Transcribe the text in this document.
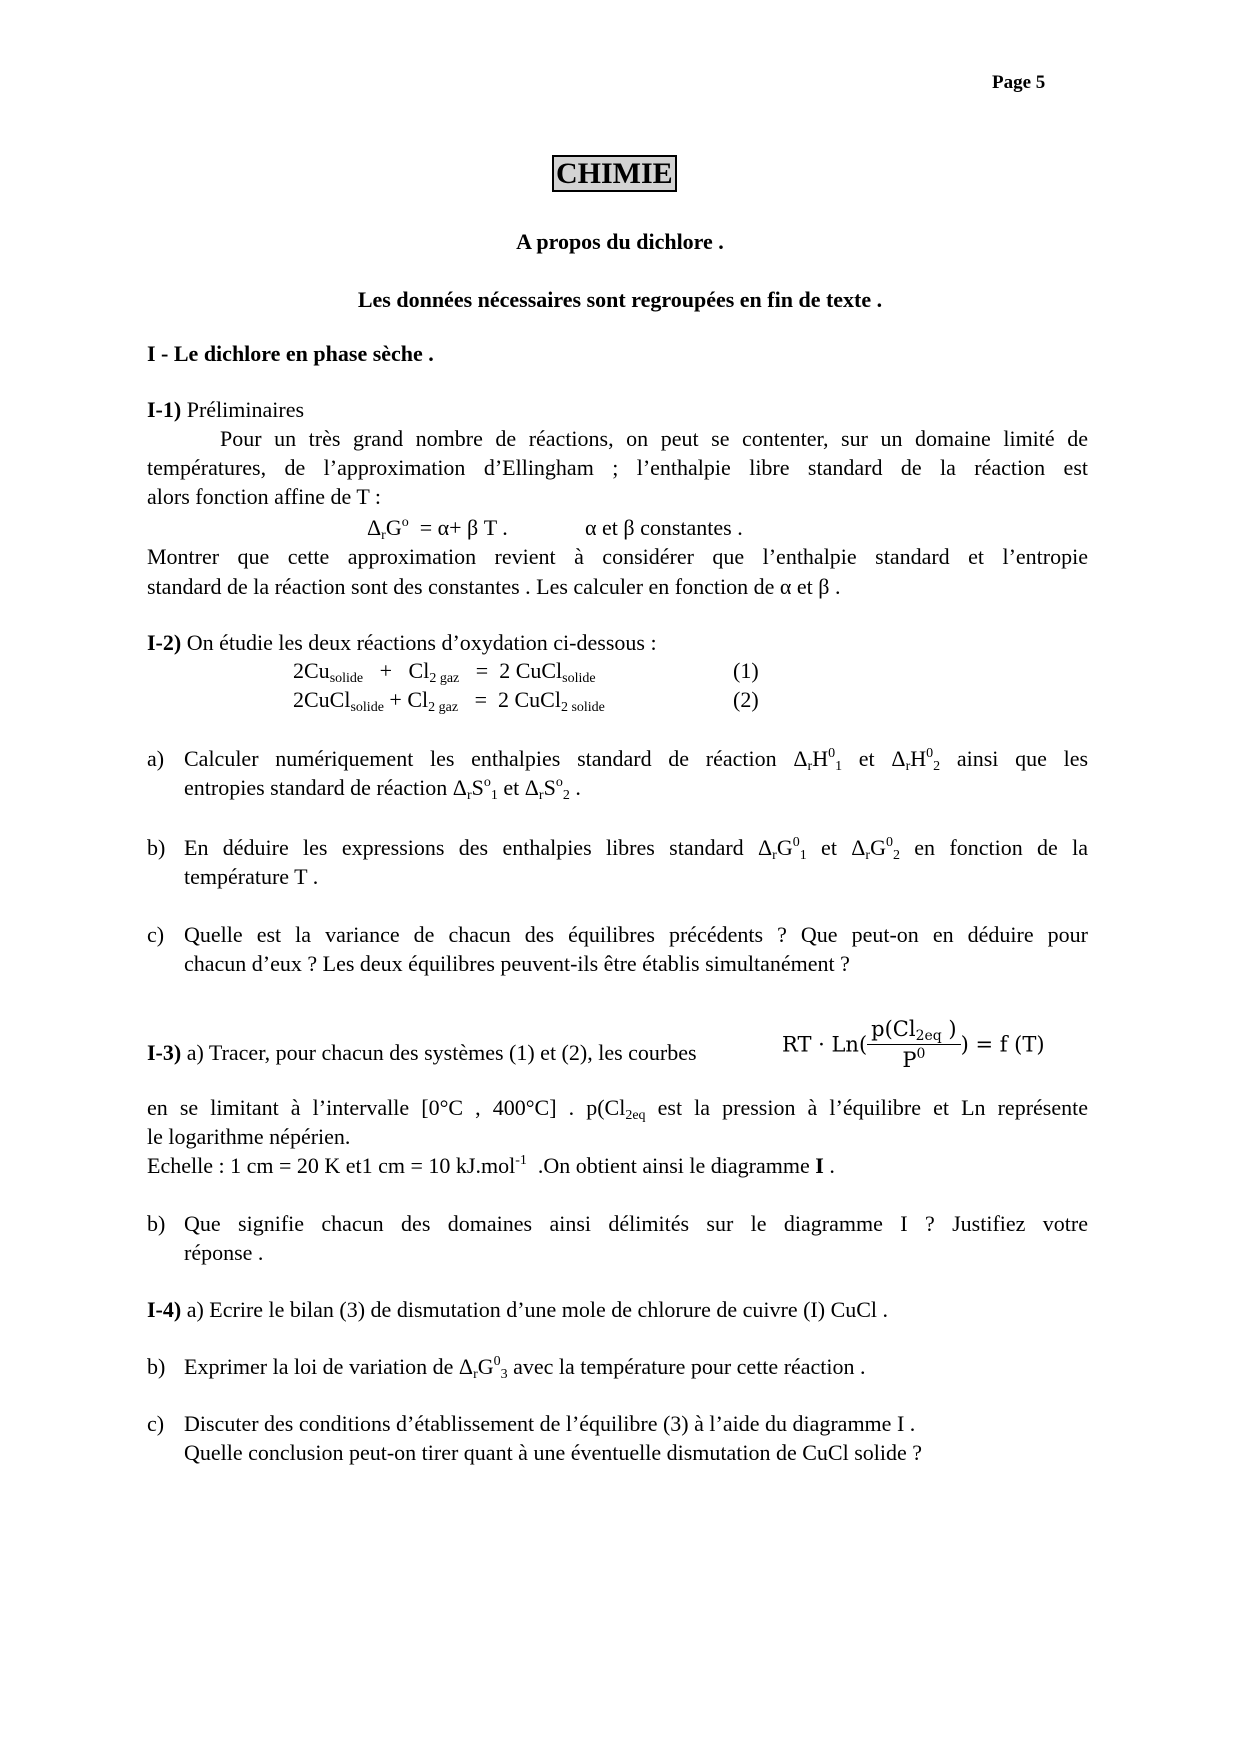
Page 5
CHIMIE
A propos du dichlore .
Les données nécessaires sont regroupées en fin de texte .
I - Le dichlore en phase sèche .
I-1) Préliminaires
Pour un très grand nombre de réactions, on peut se contenter, sur un domaine limité de
températures, de l’approximation d’Ellingham ; l’enthalpie libre standard de la réaction est
alors fonction affine de T :
$\Delta_rG^o = \alpha+ \beta$ T .	α et β constantes .
Montrer que cette approximation revient à considérer que l’enthalpie standard et l’entropie
standard de la réaction sont des constantes . Les calculer en fonction de α et β .
I-2) On étudie les deux réactions d’oxydation ci-dessous :
$2Cu_{solide} + Cl_{2 gaz} = 2$ CuCl$_{solide}$	(1)
2CuCl$_{solide}$ + $Cl_{2 gaz} = 2$ CuCl$_{2 solide}$	(2)
a) Calculer numériquement les enthalpies standard de réaction $\Delta_rH^0_1$ et $\Delta_rH^0_2$ ainsi que les
entropies standard de réaction $\Delta_rS^o_1$ et $\Delta_rS^o_2$ .
b) En déduire les expressions des enthalpies libres standard $\Delta_rG^0_1$ et $\Delta_rG^0_2$ en fonction de la
température T .
c) Quelle est la variance de chacun des équilibres précédents ? Que peut-on en déduire pour
chacun d’eux ? Les deux équilibres peuvent-ils être établis simultanément ?
I-3) a) Tracer, pour chacun des systèmes (1) et (2), les courbes	RT · $Ln( \frac{p(Cl_{2eq} )}{P^0}$ ) = f (T)
en se limitant à l’intervalle [0°C , 400°C] . $p(Cl_{2eq}$ est la pression à l’équilibre et Ln représente
le logarithme népérien.
Echelle : 1 cm = 20 K et1 cm = 10 kJ.mol$^{-1}$ .On obtient ainsi le diagramme I .
b) Que signifie chacun des domaines ainsi délimités sur le diagramme I ? Justifiez votre
réponse .
I-4) a) Ecrire le bilan (3) de dismutation d’une mole de chlorure de cuivre (I) CuCl .
b) Exprimer la loi de variation de $\Delta_rG^0_3$ avec la température pour cette réaction .
c) Discuter des conditions d’établissement de l’équilibre (3) à l’aide du diagramme I .
Quelle conclusion peut-on tirer quant à une éventuelle dismutation de CuCl solide ?
